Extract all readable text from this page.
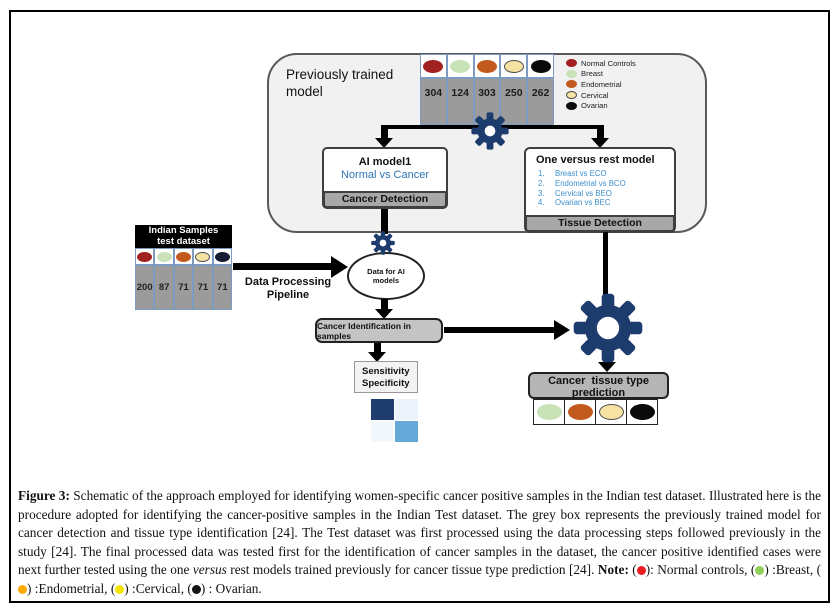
Previously trained model	304 124 303 250 262
Normal Controls
Breast
Endometrial
Cervical
Ovarian
AI model1
Normal vs Cancer
Cancer Detection
One versus rest model
1.	Breast vs ECO
2.	Endometrial vs BCO
3.	Cervical vs BEO
4.	Ovarian vs BEC
Tissue Detection
Indian Samples
test dataset
200 87 71 71 71	Data Processing
Pipeline
Data for AI
models
Cancer Identification in samples
Sensitivity
Specificity	Cancer  tissue type
prediction
Figure 3: Schematic of the approach employed for identifying women-specific cancer positive samples in the Indian test dataset. Illustrated here is the procedure adopted for identifying the cancer-positive samples in the Indian Test dataset. The grey box represents the previously trained model for cancer detection and tissue type identification [24]. The Test dataset was first processed using the data processing steps followed previously in the study [24]. The final processed data was tested first for the identification of cancer samples in the dataset, the cancer positive identified cases were next further tested using the one versus rest models trained previously for cancer tissue type prediction [24]. Note: ( ): Normal controls, ( ) :Breast, () :Endometrial, ( ) :Cervical, ( ) : Ovarian.
